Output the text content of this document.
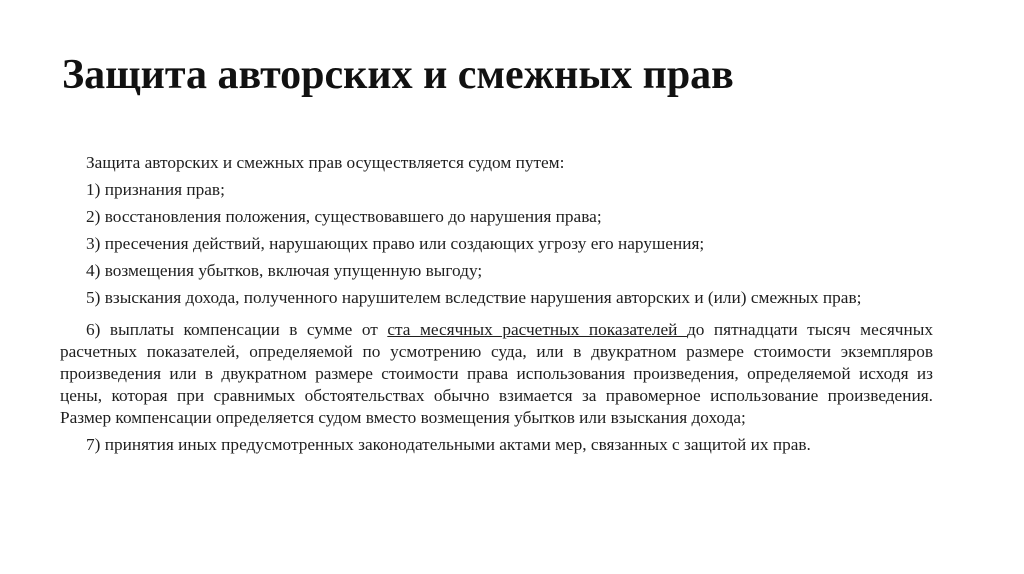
Защита авторских и смежных прав

Защита авторских и смежных прав осуществляется судом путем:

1) признания прав;

2) восстановления положения, существовавшего до нарушения права;

3) пресечения действий, нарушающих право или создающих угрозу его нарушения;

4) возмещения убытков, включая упущенную выгоду;

5) взыскания дохода, полученного нарушителем вследствие нарушения авторских и (или) смежных прав;

6) выплаты компенсации в сумме от ста месячных расчетных показателей до пятнадцати тысяч месячных расчетных показателей, определяемой по усмотрению суда, или в двукратном размере стоимости экземпляров произведения или в двукратном размере стоимости права использования произведения, определяемой исходя из цены, которая при сравнимых обстоятельствах обычно взимается за правомерное использование произведения. Размер компенсации определяется судом вместо возмещения убытков или взыскания дохода;

7) принятия иных предусмотренных законодательными актами мер, связанных с защитой их прав.
